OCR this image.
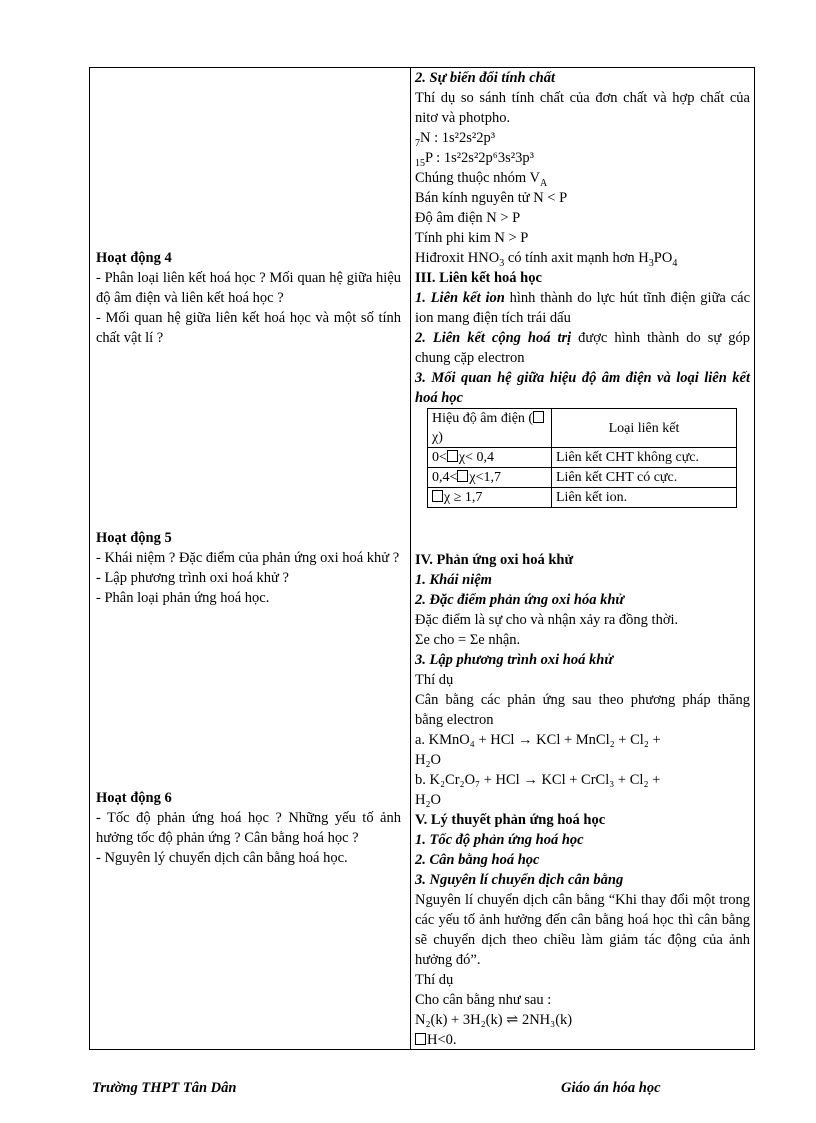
Hoạt động 4
- Phân loại liên kết hoá học ? Mối quan hệ giữa hiệu độ âm điện và liên kết hoá học ?
- Mối quan hệ giữa liên kết hoá học và một số tính chất vật lí ?
Hoạt động 5
- Khái niệm ? Đặc điểm của phản ứng oxi hoá khử ?
- Lập phương trình oxi hoá khử ?
- Phân loại phản ứng hoá học.
Hoạt động 6
- Tốc độ phản ứng hoá học ? Những yếu tố ảnh hưởng tốc độ phản ứng ? Cân bằng hoá học ?
- Nguyên lý chuyển dịch cân bằng hoá học.
2. Sự biến đổi tính chất
Thí dụ so sánh tính chất của đơn chất và hợp chất của nitơ và photpho.
$_7$N : 1s²2s²2p³
$_{15}$P : 1s²2s²2p⁶3s²3p³
Chúng thuộc nhóm $V_A$
Bán kính nguyên tử N < P
Độ âm điện N > P
Tính phi kim N > P
Hiđroxit $HNO_3$ có tính axit mạnh hơn $H_3PO_4$
III. Liên kết hoá học
1. Liên kết ion hình thành do lực hút tĩnh điện giữa các ion mang điện tích trái dấu
2. Liên kết cộng hoá trị được hình thành do sự góp chung cặp electron
3. Mối quan hệ giữa hiệu độ âm điện và loại liên kết hoá học
Hiệu độ âm điện (χ)	Loại liên kết
0< χ< 0,4	Liên kết CHT không cực.
0,4< χ<1,7	Liên kết CHT có cực.
χ ≥ 1,7	Liên kết ion.
IV. Phản ứng oxi hoá khử
1. Khái niệm
2. Đặc điểm phản ứng oxi hóa khử
Đặc điểm là sự cho và nhận xảy ra đồng thời.
Σe cho = Σe nhận.
3. Lập phương trình oxi hoá khử
Thí dụ
Cân bằng các phản ứng sau theo phương pháp thăng bằng electron
a. KMnO₄ + HCl → KCl + MnCl₂ + Cl₂ +
H₂O
b. K₂Cr₂O₇ + HCl → KCl + CrCl₃ + Cl₂ +
H₂O
V. Lý thuyết phản ứng hoá học
1. Tốc độ phản ứng hoá học
2. Cân bằng hoá học
3. Nguyên lí chuyển dịch cân bằng
Nguyên lí chuyển dịch cân bằng “Khi thay đổi một trong các yếu tố ảnh hưởng đến cân bằng hoá học thì cân bằng sẽ chuyển dịch theo chiều làm giảm tác động của ảnh hưởng đó”.
Thí dụ
Cho cân bằng như sau :
N₂(k) + 3H₂(k) ⇌ 2NH₃(k)
H<0.
Trường THPT Tân Dân	Giáo án hóa học
